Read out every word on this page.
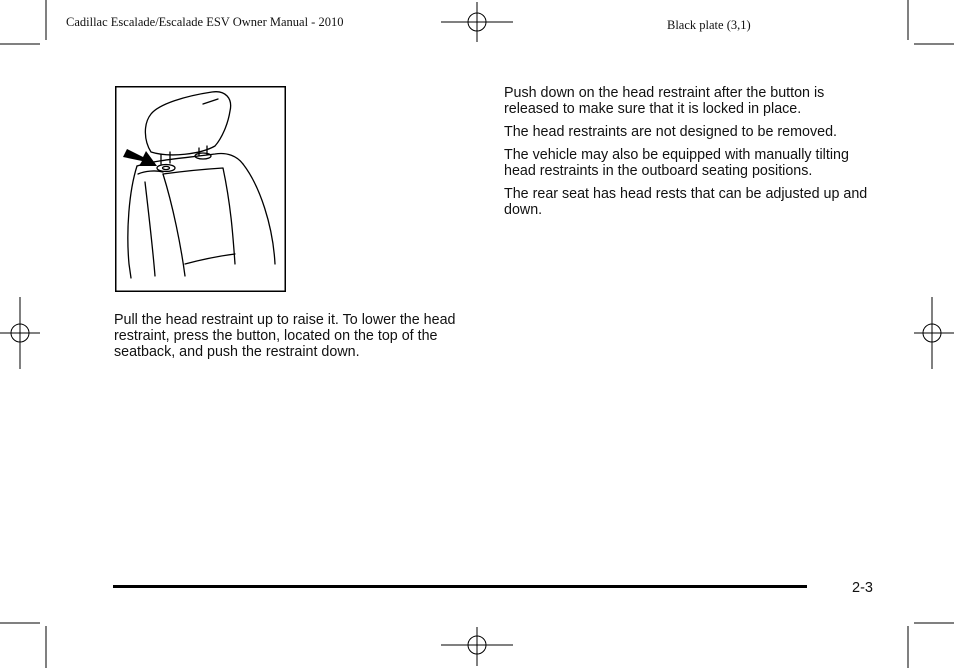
Cadillac Escalade/Escalade ESV Owner Manual - 2010	Black plate (3,1)

Pull the head restraint up to raise it. To lower the head restraint, press the button, located on the top of the seatback, and push the restraint down.

Push down on the head restraint after the button is released to make sure that it is locked in place.

The head restraints are not designed to be removed.

The vehicle may also be equipped with manually tilting head restraints in the outboard seating positions.

The rear seat has head rests that can be adjusted up and down.

2-3
